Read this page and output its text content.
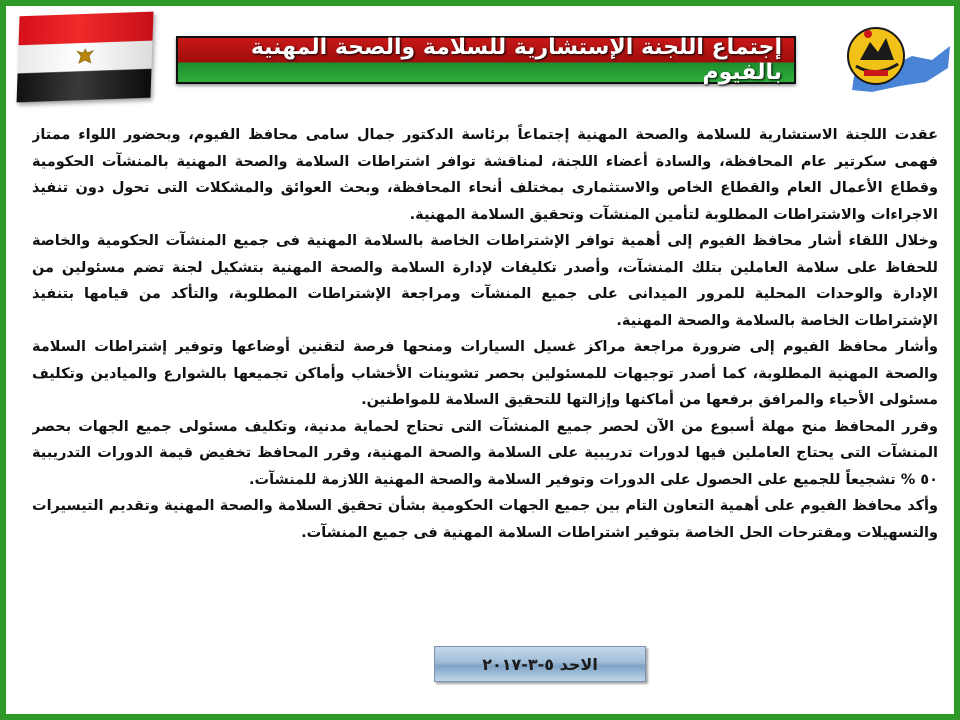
إجتماع اللجنة الإستشارية للسلامة والصحة المهنية بالفيوم

عقدت اللجنة الاستشارية للسلامة والصحة المهنية إجتماعاً برئاسة الدكتور جمال سامى محافظ الفيوم، وبحضور اللواء ممتاز فهمى سكرتير عام المحافظة، والسادة أعضاء اللجنة، لمناقشة توافر اشتراطات السلامة والصحة المهنية بالمنشآت الحكومية وقطاع الأعمال العام والقطاع الخاص والاستثمارى بمختلف أنحاء المحافظة، وبحث العوائق والمشكلات التى تحول دون تنفيذ الاجراءات والاشتراطات المطلوبة لتأمين المنشآت وتحقيق السلامة المهنية.

وخلال اللقاء أشار محافظ الفيوم إلى أهمية توافر الإشتراطات الخاصة بالسلامة المهنية فى جميع المنشآت الحكومية والخاصة للحفاظ على سلامة العاملين بتلك المنشآت، وأصدر تكليفات لإدارة السلامة والصحة المهنية بتشكيل لجنة تضم مسئولين من الإدارة والوحدات المحلية للمرور الميدانى على جميع المنشآت ومراجعة الإشتراطات المطلوبة، والتأكد من قيامها بتنفيذ الإشتراطات الخاصة بالسلامة والصحة المهنية.

وأشار محافظ الفيوم إلى ضرورة مراجعة مراكز غسيل السيارات ومنحها فرصة لتقنين أوضاعها وتوفير إشتراطات السلامة والصحة المهنية المطلوبة، كما أصدر توجيهات للمسئولين بحصر تشوينات الأخشاب وأماكن تجميعها بالشوارع والميادين وتكليف مسئولى الأحياء والمرافق برفعها من أماكنها وإزالتها للتحقيق السلامة للمواطنين.

وقرر المحافظ منح مهلة أسبوع من الآن لحصر جميع المنشآت التى تحتاج لحماية مدنية، وتكليف مسئولى جميع الجهات بحصر المنشآت التى يحتاج العاملين فيها لدورات تدريبية على السلامة والصحة المهنية، وقرر المحافظ تخفيض قيمة الدورات التدريبية ٥٠ % تشجيعاً للجميع على الحصول على الدورات وتوفير السلامة والصحة المهنية اللازمة للمنشآت.

وأكد محافظ الفيوم على أهمية التعاون التام بين جميع الجهات الحكومية بشأن تحقيق السلامة والصحة المهنية وتقديم التيسيرات والتسهيلات ومقترحات الحل الخاصة بتوفير اشتراطات السلامة المهنية فى جميع المنشآت.

الاحد ٥-٣-٢٠١٧
